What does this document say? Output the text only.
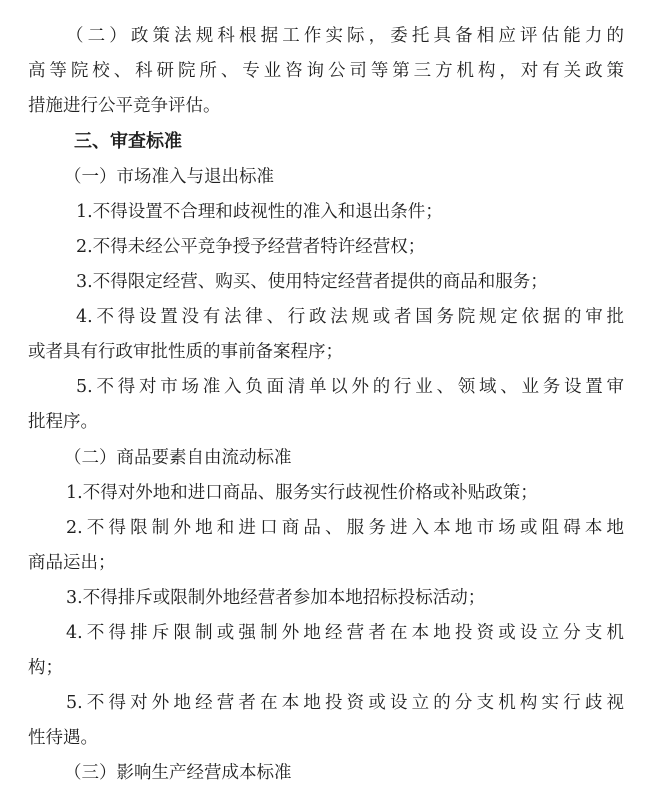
（二）政策法规科根据工作实际，委托具备相应评估能力的
高等院校、科研院所、专业咨询公司等第三方机构，对有关政策
措施进行公平竞争评估。
三、审查标准
（一）市场准入与退出标准
1.不得设置不合理和歧视性的准入和退出条件；
2.不得未经公平竞争授予经营者特许经营权；
3.不得限定经营、购买、使用特定经营者提供的商品和服务；
4.不得设置没有法律、行政法规或者国务院规定依据的审批
或者具有行政审批性质的事前备案程序；
5.不得对市场准入负面清单以外的行业、领域、业务设置审
批程序。
（二）商品要素自由流动标准
1.不得对外地和进口商品、服务实行歧视性价格或补贴政策；
2.不得限制外地和进口商品、服务进入本地市场或阻碍本地
商品运出；
3.不得排斥或限制外地经营者参加本地招标投标活动；
4.不得排斥限制或强制外地经营者在本地投资或设立分支机
构；
5.不得对外地经营者在本地投资或设立的分支机构实行歧视
性待遇。
（三）影响生产经营成本标准
